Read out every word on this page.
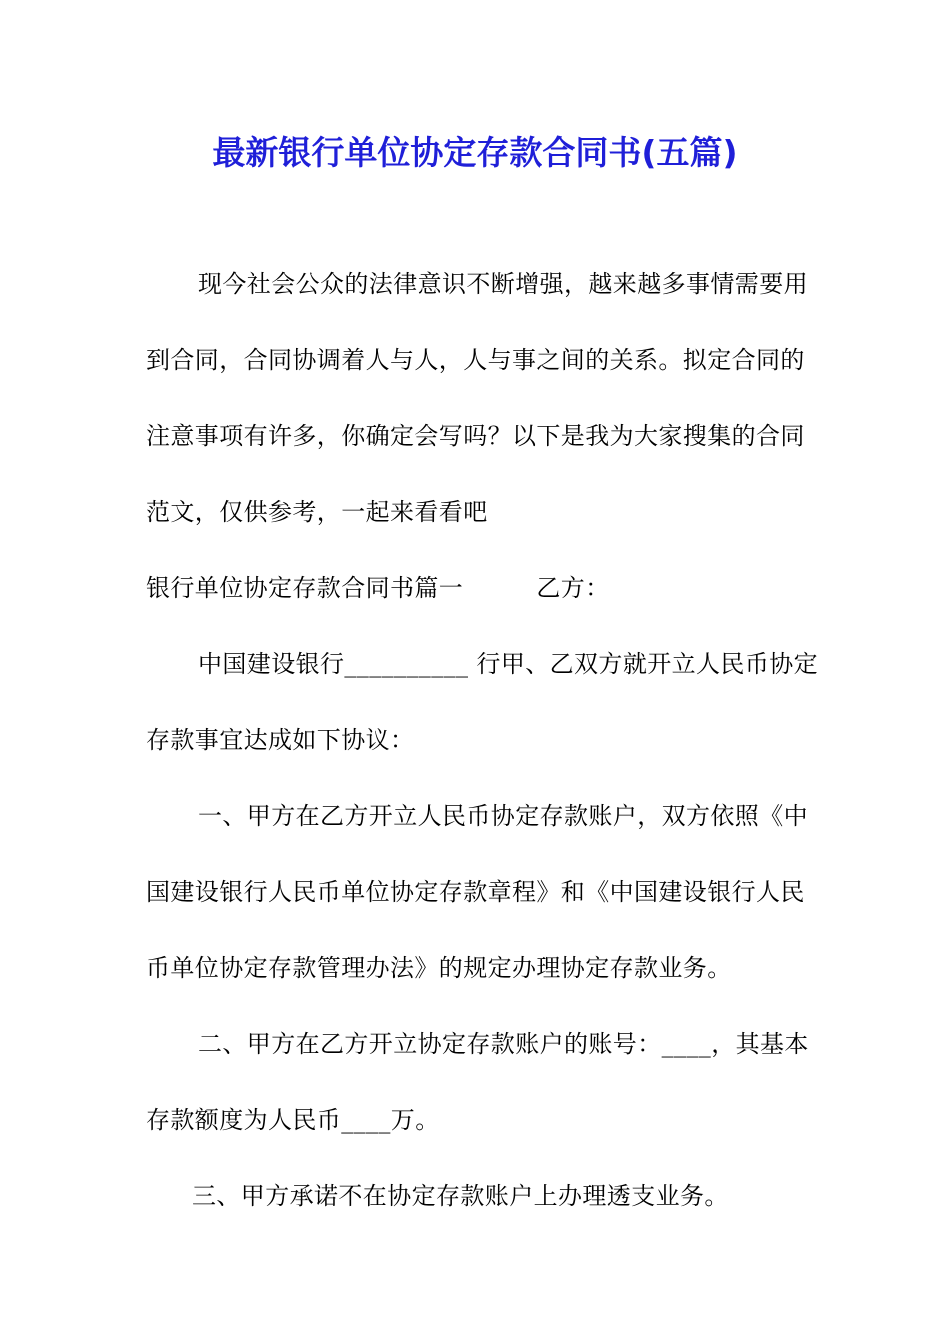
最新银行单位协定存款合同书(五篇)

现今社会公众的法律意识不断增强，越来越多事情需要用
到合同，合同协调着人与人，人与事之间的关系。拟定合同的
注意事项有许多，你确定会写吗？以下是我为大家搜集的合同
范文，仅供参考，一起来看看吧

银行单位协定存款合同书篇一　　　乙方：

中国建设银行__________ 行甲、乙双方就开立人民币协定
存款事宜达成如下协议：

一、甲方在乙方开立人民币协定存款账户，双方依照《中
国建设银行人民币单位协定存款章程》和《中国建设银行人民
币单位协定存款管理办法》的规定办理协定存款业务。

二、甲方在乙方开立协定存款账户的账号：____，其基本
存款额度为人民币____万。

三、甲方承诺不在协定存款账户上办理透支业务。
